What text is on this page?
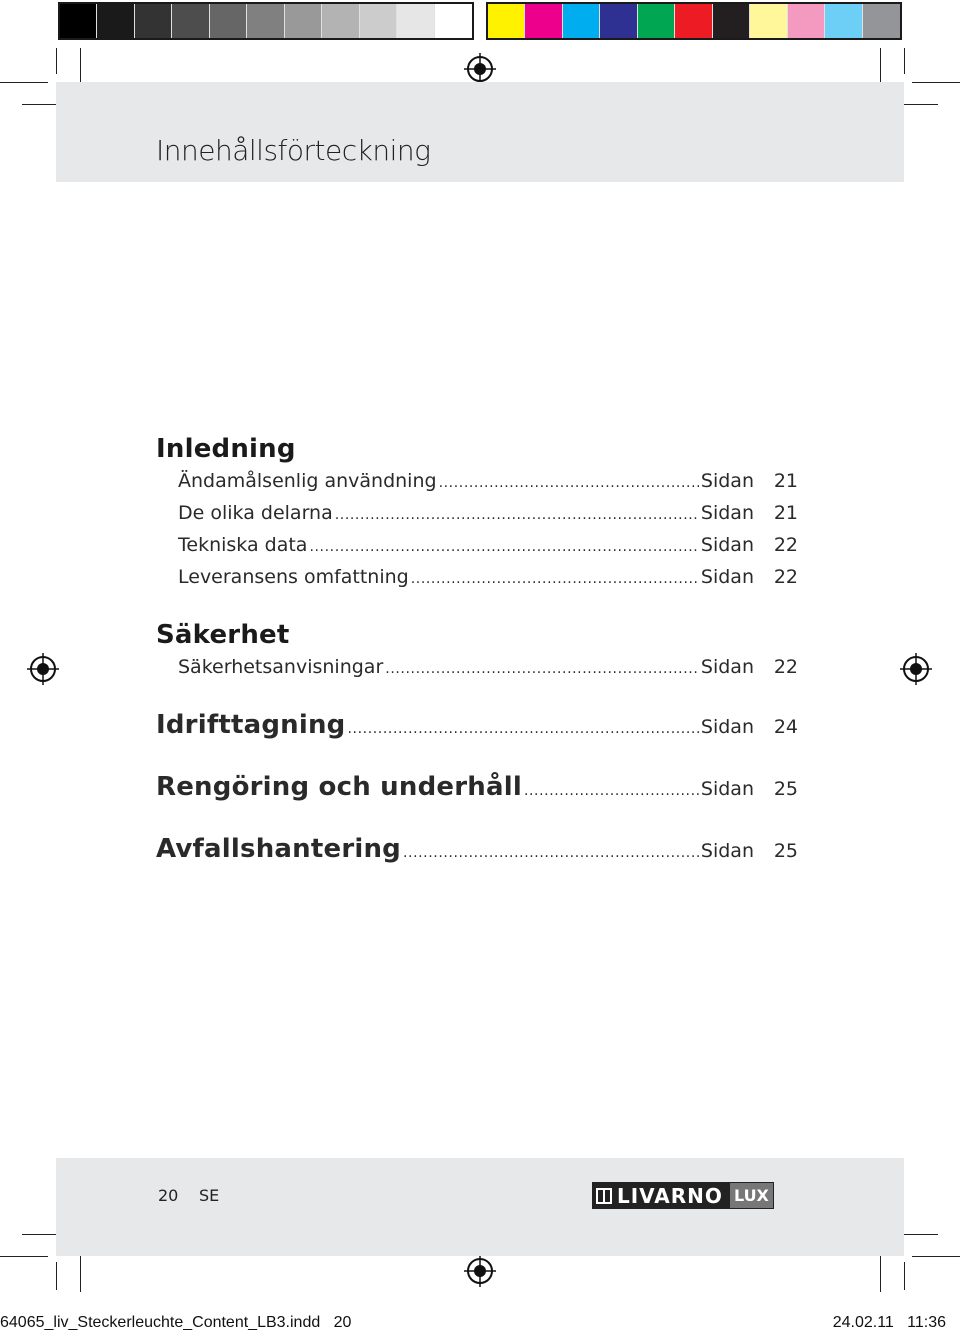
Innehållsförteckning
Inledning
Ändamålsenlig användning .....	Sidan 21
De olika delarna .....	Sidan 21
Tekniska data .....	Sidan 22
Leveransens omfattning .....	Sidan 22
Säkerhet
Säkerhetsanvisningar .....	Sidan 22
Idrifttagning .....	Sidan 24
Rengöring och underhåll .....	Sidan 25
Avfallshantering .....	Sidan 25
20 SE	LIVARNO LUX
64065_liv_Steckerleuchte_Content_LB3.indd   20	24.02.11   11:36
